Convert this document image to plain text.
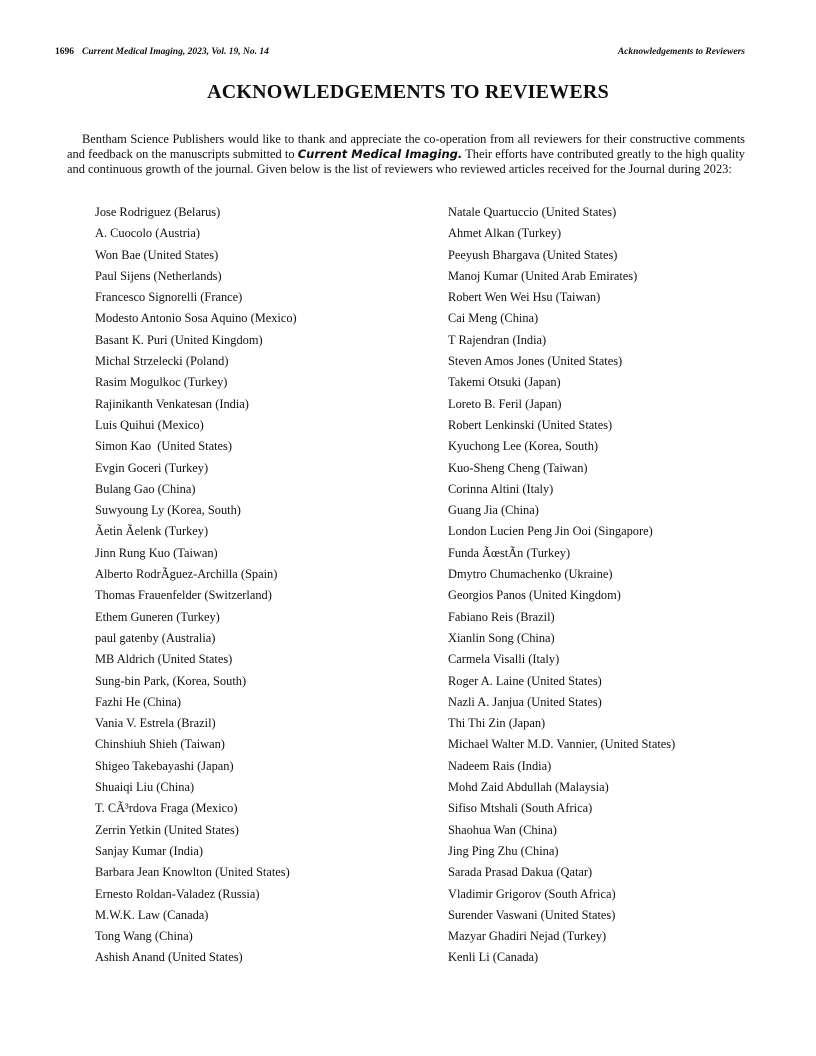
1696 Current Medical Imaging, 2023, Vol. 19, No. 14	Acknowledgements to Reviewers
ACKNOWLEDGEMENTS TO REVIEWERS

Bentham Science Publishers would like to thank and appreciate the co-operation from all reviewers for their constructive comments and feedback on the manuscripts submitted to Current Medical Imaging. Their efforts have contributed greatly to the high quality and continuous growth of the journal. Given below is the list of reviewers who reviewed articles received for the Journal during 2023:

Jose Rodriguez (Belarus)
A. Cuocolo (Austria)
Won Bae (United States)
Paul Sijens (Netherlands)
Francesco Signorelli (France)
Modesto Antonio Sosa Aquino (Mexico)
Basant K. Puri (United Kingdom)
Michal Strzelecki (Poland)
Rasim Mogulkoc (Turkey)
Rajinikanth Venkatesan (India)
Luis Quihui (Mexico)
Simon Kao  (United States)
Evgin Goceri (Turkey)
Bulang Gao (China)
Suwyoung Ly (Korea, South)
Ãetin Ãelenk (Turkey)
Jinn Rung Kuo (Taiwan)
Alberto RodrÃguez-Archilla (Spain)
Thomas Frauenfelder (Switzerland)
Ethem Guneren (Turkey)
paul gatenby (Australia)
MB Aldrich (United States)
Sung-bin Park, (Korea, South)
Fazhi He (China)
Vania V. Estrela (Brazil)
Chinshiuh Shieh (Taiwan)
Shigeo Takebayashi (Japan)
Shuaiqi Liu (China)
T. CÃ³rdova Fraga (Mexico)
Zerrin Yetkin (United States)
Sanjay Kumar (India)
Barbara Jean Knowlton (United States)
Ernesto Roldan-Valadez (Russia)
M.W.K. Law (Canada)
Tong Wang (China)
Ashish Anand (United States)
Natale Quartuccio (United States)
Ahmet Alkan (Turkey)
Peeyush Bhargava (United States)
Manoj Kumar (United Arab Emirates)
Robert Wen Wei Hsu (Taiwan)
Cai Meng (China)
T Rajendran (India)
Steven Amos Jones (United States)
Takemi Otsuki (Japan)
Loreto B. Feril (Japan)
Robert Lenkinski (United States)
Kyuchong Lee (Korea, South)
Kuo-Sheng Cheng (Taiwan)
Corinna Altini (Italy)
Guang Jia (China)
London Lucien Peng Jin Ooi (Singapore)
Funda ÃœstÃn (Turkey)
Dmytro Chumachenko (Ukraine)
Georgios Panos (United Kingdom)
Fabiano Reis (Brazil)
Xianlin Song (China)
Carmela Visalli (Italy)
Roger A. Laine (United States)
Nazli A. Janjua (United States)
Thi Thi Zin (Japan)
Michael Walter M.D. Vannier, (United States)
Nadeem Rais (India)
Mohd Zaid Abdullah (Malaysia)
Sifiso Mtshali (South Africa)
Shaohua Wan (China)
Jing Ping Zhu (China)
Sarada Prasad Dakua (Qatar)
Vladimir Grigorov (South Africa)
Surender Vaswani (United States)
Mazyar Ghadiri Nejad (Turkey)
Kenli Li (Canada)
